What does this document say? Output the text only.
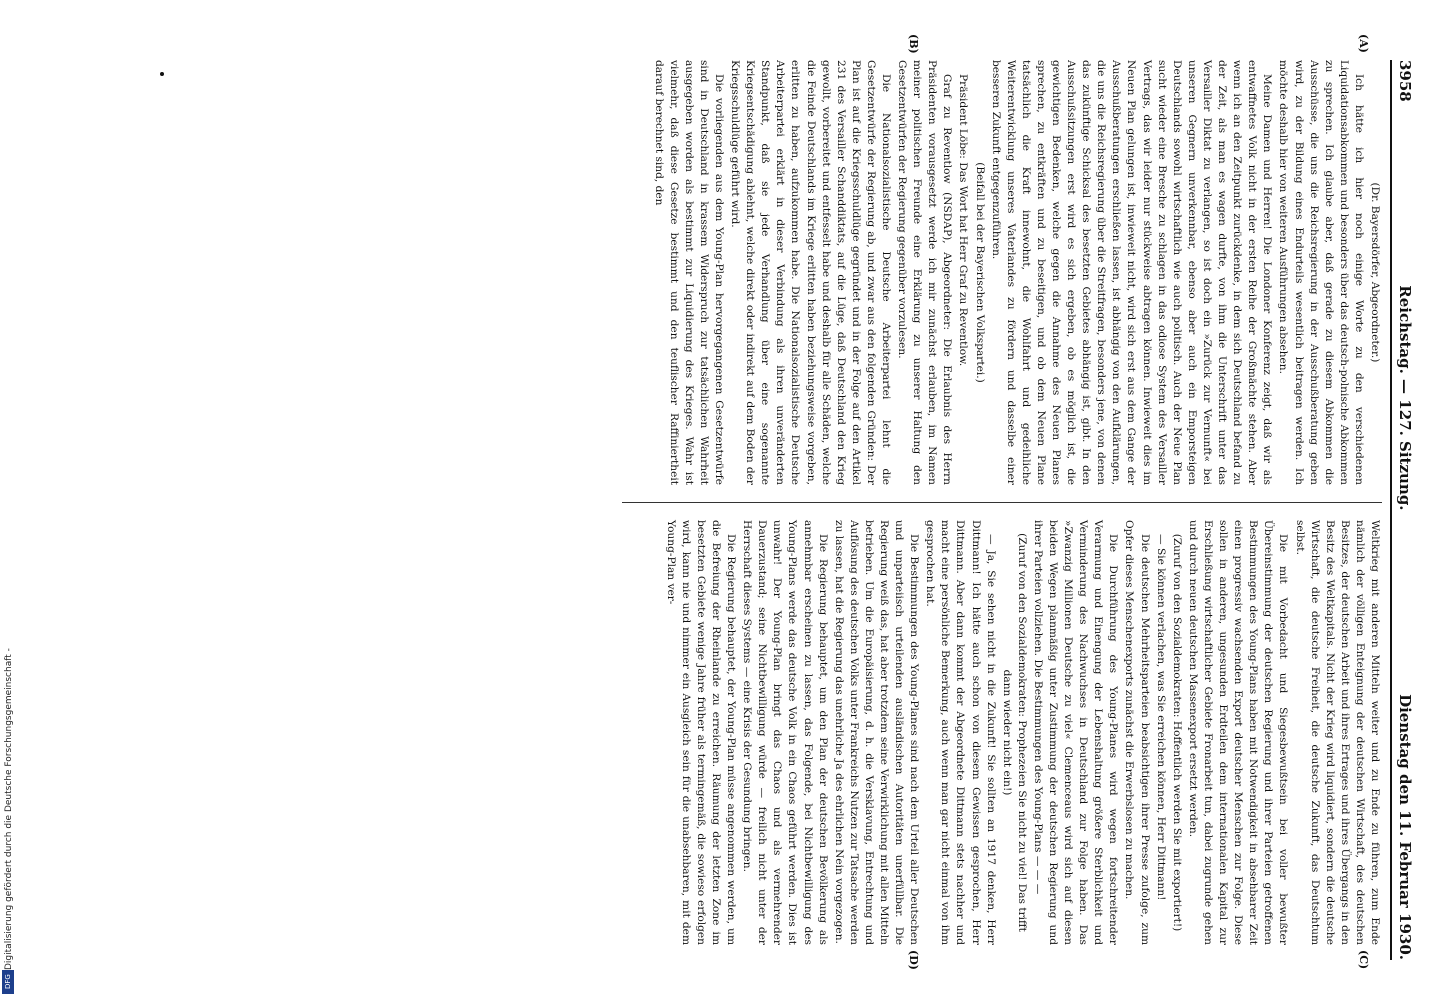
Digitalisierung gefördert durch die Deutsche Forschungsgemeinschaft -
DFG
3958
Reichstag. — 127. Sitzung.
Dienstag den 11. Februar 1930.
(A)
(B)
(C)
(D)

(Dr. Bayersdörfer, Abgeordneter.)

Ich hätte ich hier noch einige Worte zu den verschiedenen Liquidationsabkommen und besonders über das deutsch-polnische Abkommen zu sprechen. Ich glaube aber, daß gerade zu diesem Abkommen die Ausschüsse, die uns die Reichsregierung in der Ausschußberatung geben wird, zu der Bildung eines Endurteils wesentlich beitragen werden. Ich möchte deshalb hier von weiteren Ausführungen absehen.

Meine Damen und Herren! Die Londoner Konferenz zeigt, daß wir als entwaffnetes Volk nicht in der ersten Reihe der Großmächte stehen. Aber wenn ich an den Zeitpunkt zurückdenke, in dem sich Deutschland befand zu der Zeit, als man es wagen durfte, von ihm die Unterschrift unter das Versailler Diktat zu verlangen, so ist doch ein »Zurück zur Vernunft« bei unseren Gegnern unverkennbar, ebenso aber auch ein Emporsteigen Deutschlands sowohl wirtschaftlich wie auch politisch. Auch der Neue Plan sucht wieder eine Bresche zu schlagen in das odiose System des Versailler Vertrags, das wir leider nur stückweise abtragen können. Inwieweit dies im Neuen Plan gelungen ist, inwieweit nicht, wird sich erst aus dem Gange der Ausschußberatungen erschließen lassen, ist abhängig von den Aufklärungen, die uns die Reichsregierung über die Streitfragen, besonders jene, von denen das zukünftige Schicksal des besetzten Gebietes abhängig ist, gibt. In den Ausschußsitzungen erst wird es sich ergeben, ob es möglich ist, die gewichtigen Bedenken, welche gegen die Annahme des Neuen Planes sprechen, zu entkräften und zu beseitigen, und ob dem Neuen Plane tatsächlich die Kraft innewohnt, die Wohlfahrt und gedeihliche Weiterentwicklung unseres Vaterlandes zu fördern und dasselbe einer besseren Zukunft entgegenzuführen.

(Beifall bei der Bayerischen Volkspartei.)

Präsident Löbe: Das Wort hat Herr Graf zu Reventlow.

Graf zu Reventlow (NSDAP), Abgeordneter: Die Erlaubnis des Herrn Präsidenten vorausgesetzt werde ich mir zunächst erlauben, im Namen meiner politischen Freunde eine Erklärung zu unserer Haltung den Gesetzentwürfen der Regierung gegenüber vorzulesen.

Die Nationalsozialistische Deutsche Arbeiterpartei lehnt die Gesetzentwürfe der Regierung ab, und zwar aus den folgenden Gründen: Der Plan ist auf die Kriegsschuldlüge gegründet und in der Folge auf den Artikel 231 des Versailler Schanddiktats, auf die Lüge, daß Deutschland den Krieg gewollt, vorbereitet und entfesselt habe und deshalb für alle Schäden, welche die Feinde Deutschlands im Kriege erlitten haben beziehungsweise vorgeben, erlitten zu haben, aufzukommen habe. Die Nationalsozialistische Deutsche Arbeiterpartei erklärt in dieser Verbindung als ihren unveränderten Standpunkt, daß sie jede Verhandlung über eine sogenannte Kriegsentschädigung ablehnt, welche direkt oder indirekt auf dem Boden der Kriegsschuldlüge geführt wird.

Die vorliegenden aus dem Young-Plan hervorgegangenen Gesetzentwürfe sind in Deutschland in krassem Widerspruch zur tatsächlichen Wahrheit ausgegeben worden als bestimmt zur Liquidierung des Krieges. Wahr ist vielmehr, daß diese Gesetze bestimmt und den teuflischer Raffiniertheit darauf berechnet sind, den

Weltkrieg mit anderen Mitteln weiter und zu Ende zu führen, zum Ende nämlich der völligen Enteignung der deutschen Wirtschaft, des deutschen Besitzes, der deutschen Arbeit und ihres Ertrages und ihres Übergangs in den Besitz des Weltkapitals. Nicht der Krieg wird liquidiert, sondern die deutsche Wirtschaft, die deutsche Freiheit, die deutsche Zukunft, das Deutschtum selbst.

Die mit Vorbedacht und Siegesbewußtsein bei voller bewußter Übereinstimmung der deutschen Regierung und ihrer Parteien getroffenen Bestimmungen des Young-Plans haben mit Notwendigkeit in absehbarer Zeit einen progressiv wachsenden Export deutscher Menschen zur Folge. Diese sollen in anderen, ungesunden Erdteilen dem internationalen Kapital zur Erschließung wirtschaftlicher Gebiete Fronarbeit tun, dabei zugrunde gehen und durch neuen deutschen Massenexport ersetzt werden.

(Zuruf von den Sozialdemokraten: Hoffentlich werden Sie mit exportiert!)

— Sie können verlachen, was Sie erreichen können, Herr Dittmann!

Die deutschen Mehrheitsparteien beabsichtigen ihrer Presse zufolge, zum Opfer dieses Menschenexports zunächst die Erwerbslosen zu machen.

Die Durchführung des Young-Planes wird wegen fortschreitender Verarmung und Einengung der Lebenshaltung größere Sterblichkeit und Verminderung des Nachwuchses in Deutschland zur Folge haben. Das »Zwanzig Millionen Deutsche zu viel« Clemenceaus wird sich auf diesen beiden Wegen planmäßig unter Zustimmung der deutschen Regierung und ihrer Parteien vollziehen. Die Bestimmungen des Young-Plans — — —

(Zuruf von den Sozialdemokraten: Prophezeien Sie nicht zu viel! Das trifft dann wieder nicht ein!)

— Ja, Sie sehen nicht in die Zukunft! Sie sollten an 1917 denken, Herr Dittmann! Ich hätte auch schon von diesem Gewissen gesprochen, Herr Dittmann. Aber dann kommt der Abgeordnete Dittmann stets nachher und macht eine persönliche Bemerkung, auch wenn man gar nicht einmal von ihm gesprochen hat.

Die Bestimmungen des Young-Planes sind nach dem Urteil aller Deutschen und unparteiisch urteilenden ausländischen Autoritäten unerfüllbar. Die Regierung weiß das, hat aber trotzdem seine Verwirklichung mit allen Mitteln betrieben. Um die Europäisierung, d. h. die Versklavung, Entrechtung und Auflösung des deutschen Volks unter Frankreichs Nutzen zur Tatsache werden zu lassen, hat die Regierung das unehrliche Ja des ehrlichen Nein vorgezogen.

Die Regierung behauptet, um den Plan der deutschen Bevölkerung als annehmbar erscheinen zu lassen, das Folgende, bei Nichtbewilligung des Young-Plans werde das deutsche Volk in ein Chaos geführt werden. Dies ist unwahr! Der Young-Plan bringt das Chaos und als vermehrender Dauerzustand; seine Nichtbewilligung würde — freilich nicht unter der Herrschaft dieses Systems — eine Krisis der Gesundung bringen.

Die Regierung behauptet, der Young-Plan müsse angenommen werden, um die Befreiung der Rheinlande zu erreichen. Räumung der letzten Zone im besetzten Gebiete wenige Jahre früher als termingemäß, die sowieso erfolgen wird, kann nie und nimmer ein Ausgleich sein für die unabsehbaren, mit dem Young-Plan ver-
